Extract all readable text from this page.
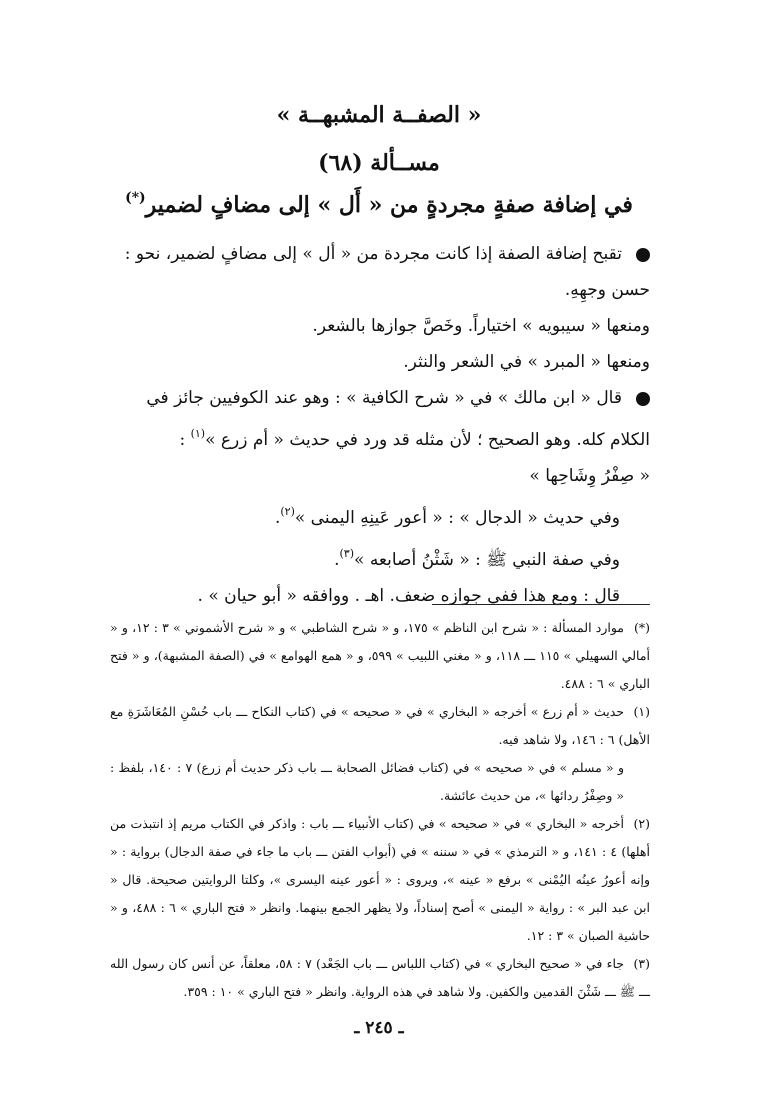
« الصفــة المشبهــة »
مســألة (٦٨)
في إضافة صفةٍ مجردةٍ من « أَل » إلى مضافٍ لضمير(*)

تقبح إضافة الصفة إذا كانت مجردة من « أل » إلى مضافٍ لضمير، نحو :

حسن وجهِهِ.

ومنعها « سيبويه » اختياراً. وخَصَّ جوازها بالشعر.

ومنعها « المبرد » في الشعر والنثر.

قال « ابن مالك » في « شرح الكافية » : وهو عند الكوفيين جائز في

الكلام كله. وهو الصحيح ؛ لأن مثله قد ورد في حديث « أم زرع »$^{(١)}$ :

« صِفْرُ وِشَاحِها »

وفي حديث « الدجال » : « أعور عَينِهِ اليمنى »$^{(٢)}$.

وفي صفة النبي ﷺ : « شَثْنُ أصابعه »$^{(٣)}$.

قال : ومع هذا ففي جوازه ضعف. اهـ . ووافقه « أبو حيان » .

(*)موارد المسألة : « شرح ابن الناظم » ١٧٥، و « شرح الشاطبي » و « شرح الأشموني » ٣ : ١٢، و « أمالي السهيلي » ١١٥ ـــ ١١٨، و « مغني اللبيب » ٥٩٩، و « همع الهوامع » في (الصفة المشبهة)، و « فتح الباري » ٦ : ٤٨٨.

(١)حديث « أم زرع » أخرجه « البخاري » في « صحيحه » في (كتاب النكاح ـــ باب حُسْنِ المُعَاشَرَةِ مع الأهل) ٦ : ١٤٦، ولا شاهد فيه.

و « مسلم » في « صحيحه » في (كتاب فضائل الصحابة ـــ باب ذكر حديث أم زرع) ٧ : ١٤٠، بلفظ : « وصِفْرُ ردائها »، من حديث عائشة.

(٢)أخرجه « البخاري » في « صحيحه » في (كتاب الأنبياء ـــ باب : واذكر في الكتاب مريم إذ انتبذت من أهلها) ٤ : ١٤١، و « الترمذي » في « سننه » في (أبواب الفتن ـــ باب ما جاء في صفة الدجال) برواية : « وإنه أعورُ عينُه اليُمْنى » برفع « عينه »، ويروى : « أعور عينه اليسرى »، وكلتا الروايتين صحيحة. قال « ابن عبد البر » : رواية « اليمنى » أصح إسناداً، ولا يظهر الجمع بينهما. وانظر « فتح الباري » ٦ : ٤٨٨، و « حاشية الصبان » ٣ : ١٢.

(٣)جاء في « صحيح البخاري » في (كتاب اللباس ـــ باب الجَعْد) ٧ : ٥٨، معلقاً، عن أنس كان رسول الله ـــ ﷺ ـــ شَثْنَ القدمين والكفين. ولا شاهد في هذه الرواية. وانظر « فتح الباري » ١٠ : ٣٥٩.

ـ ٢٤٥ ـ
